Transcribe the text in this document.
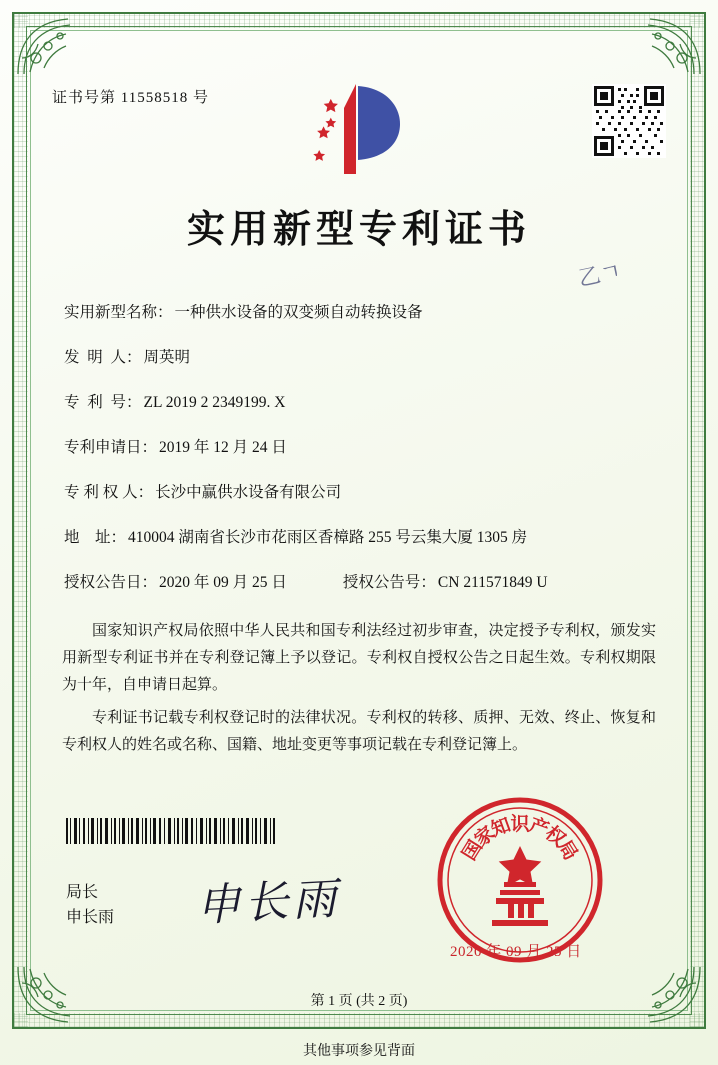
证书号第 11558518 号
实用新型专利证书
乙ㄱ
实用新型名称： 一种供水设备的双变频自动转换设备
发  明  人： 周英明
专  利  号： ZL 2019 2 2349199. X
专利申请日： 2019 年 12 月 24 日
专 利 权 人： 长沙中赢供水设备有限公司
地    址： 410004 湖南省长沙市花雨区香樟路 255 号云集大厦 1305 房
授权公告日： 2020 年 09 月 25 日	授权公告号： CN 211571849 U

国家知识产权局依照中华人民共和国专利法经过初步审查，决定授予专利权，颁发实用新型专利证书并在专利登记簿上予以登记。专利权自授权公告之日起生效。专利权期限为十年，自申请日起算。

专利证书记载专利权登记时的法律状况。专利权的转移、质押、无效、终止、恢复和专利权人的姓名或名称、国籍、地址变更等事项记载在专利登记簿上。

局长
申长雨 申长雨
国
家
知
识
产
权
局
2020 年 09 月 25 日
第 1 页 (共 2 页)
其他事项参见背面
